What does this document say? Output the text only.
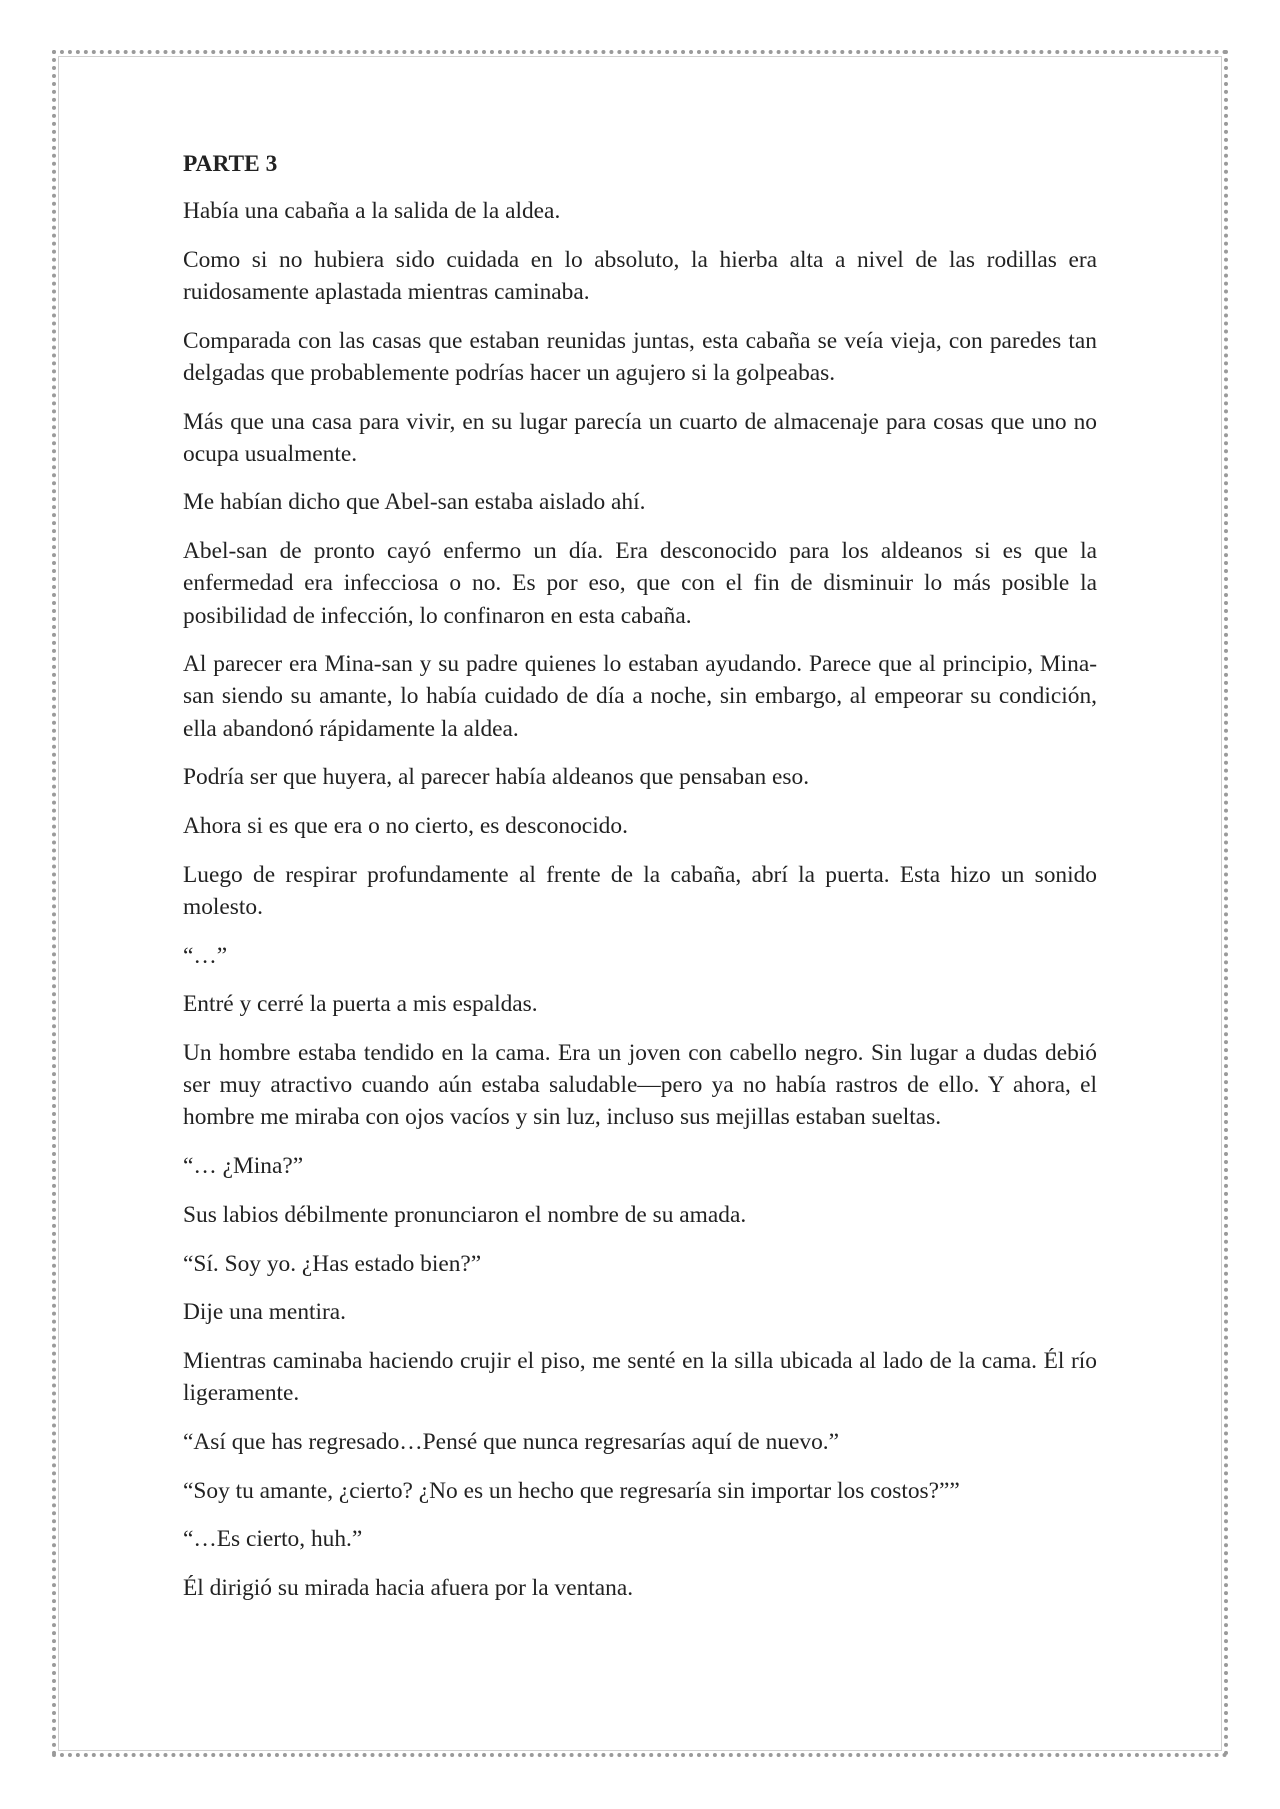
PARTE 3

Había una cabaña a la salida de la aldea.

Como si no hubiera sido cuidada en lo absoluto, la hierba alta a nivel de las rodillas era ruidosamente aplastada mientras caminaba.

Comparada con las casas que estaban reunidas juntas, esta cabaña se veía vieja, con paredes tan delgadas que probablemente podrías hacer un agujero si la golpeabas.

Más que una casa para vivir, en su lugar parecía un cuarto de almacenaje para cosas que uno no ocupa usualmente.

Me habían dicho que Abel-san estaba aislado ahí.

Abel-san de pronto cayó enfermo un día. Era desconocido para los aldeanos si es que la enfermedad era infecciosa o no. Es por eso, que con el fin de disminuir lo más posible la posibilidad de infección, lo confinaron en esta cabaña.

Al parecer era Mina-san y su padre quienes lo estaban ayudando. Parece que al principio, Mina-san siendo su amante, lo había cuidado de día a noche, sin embargo, al empeorar su condición, ella abandonó rápidamente la aldea.

Podría ser que huyera, al parecer había aldeanos que pensaban eso.

Ahora si es que era o no cierto, es desconocido.

Luego de respirar profundamente al frente de la cabaña, abrí la puerta. Esta hizo un sonido molesto.

“…”

Entré y cerré la puerta a mis espaldas.

Un hombre estaba tendido en la cama. Era un joven con cabello negro. Sin lugar a dudas debió ser muy atractivo cuando aún estaba saludable—pero ya no había rastros de ello. Y ahora, el hombre me miraba con ojos vacíos y sin luz, incluso sus mejillas estaban sueltas.

“… ¿Mina?”

Sus labios débilmente pronunciaron el nombre de su amada.

“Sí. Soy yo. ¿Has estado bien?”

Dije una mentira.

Mientras caminaba haciendo crujir el piso, me senté en la silla ubicada al lado de la cama. Él río ligeramente.

“Así que has regresado…Pensé que nunca regresarías aquí de nuevo.”

“Soy tu amante, ¿cierto? ¿No es un hecho que regresaría sin importar los costos?””

“…Es cierto, huh.”

Él dirigió su mirada hacia afuera por la ventana.
